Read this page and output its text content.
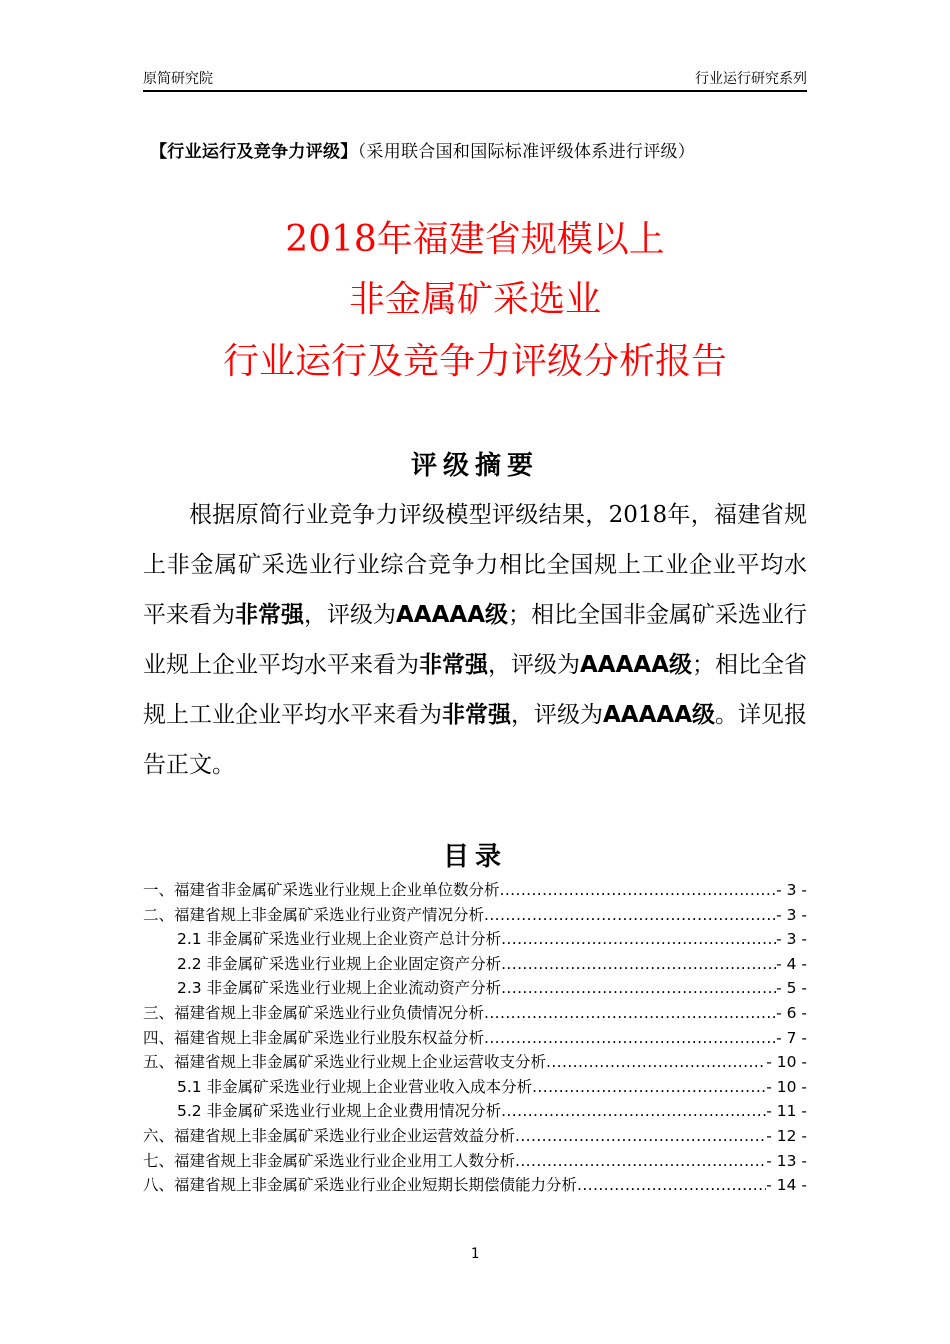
原简研究院	行业运行研究系列
【行业运行及竞争力评级】（采用联合国和国际标准评级体系进行评级）
2018年福建省规模以上
非金属矿采选业
行业运行及竞争力评级分析报告
评级摘要
根据原简行业竞争力评级模型评级结果，2018年，福建省规上非金属矿采选业行业综合竞争力相比全国规上工业企业平均水平来看为非常强，评级为AAAAA级；相比全国非金属矿采选业行业规上企业平均水平来看为非常强，评级为AAAAA级；相比全省规上工业企业平均水平来看为非常强，评级为AAAAA级。详见报告正文。
目录
一、福建省非金属矿采选业行业规上企业单位数分析 .....	- 3 -
二、福建省规上非金属矿采选业行业资产情况分析 .....	- 3 -
2.1 非金属矿采选业行业规上企业资产总计分析 .....	- 3 -
2.2 非金属矿采选业行业规上企业固定资产分析 .....	- 4 -
2.3 非金属矿采选业行业规上企业流动资产分析 .....	- 5 -
三、福建省规上非金属矿采选业行业负债情况分析 .....	- 6 -
四、福建省规上非金属矿采选业行业股东权益分析 .....	- 7 -
五、福建省规上非金属矿采选业行业规上企业运营收支分析 .....	- 10 -
5.1 非金属矿采选业行业规上企业营业收入成本分析 .....	- 10 -
5.2 非金属矿采选业行业规上企业费用情况分析 .....	- 11 -
六、福建省规上非金属矿采选业行业企业运营效益分析 .....	- 12 -
七、福建省规上非金属矿采选业行业企业用工人数分析 .....	- 13 -
八、福建省规上非金属矿采选业行业企业短期长期偿债能力分析 .....	- 14 -
1
